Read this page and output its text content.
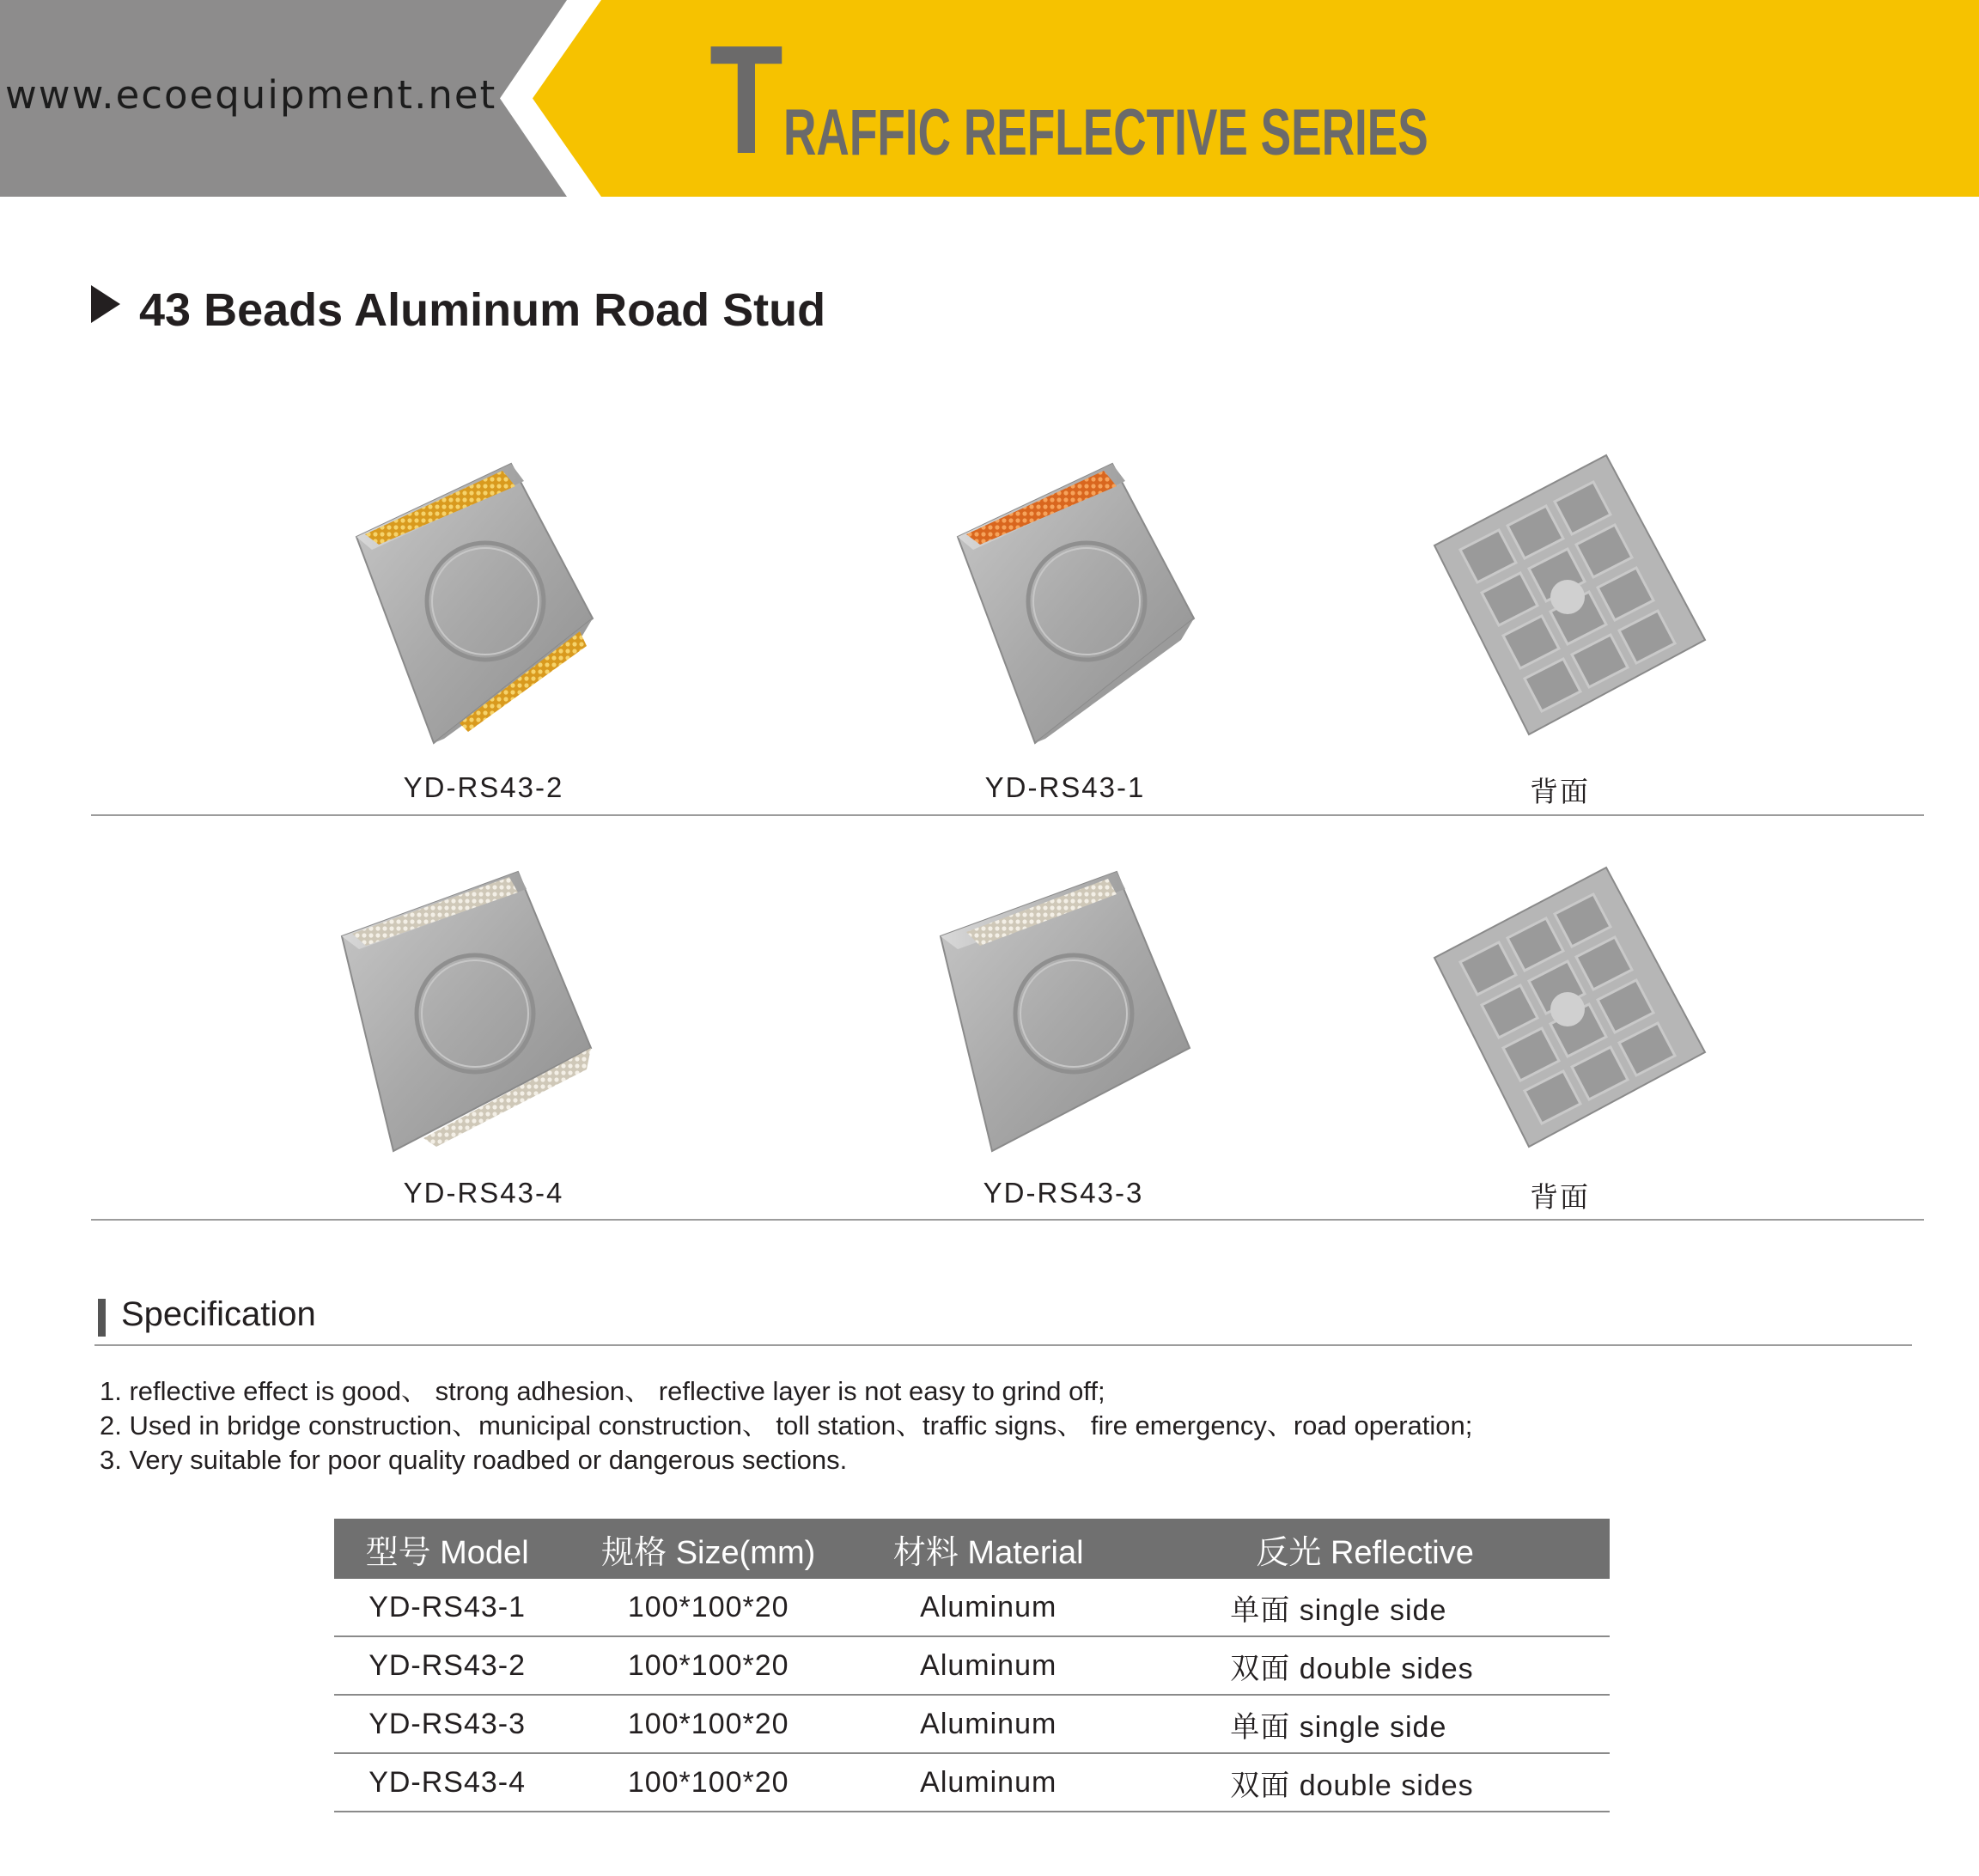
www.ecoequipment.net T RAFFIC REFLECTIVE SERIES
43 Beads Aluminum Road Stud
YD-RS43-2	YD-RS43-1	背面
YD-RS43-4	YD-RS43-3	背面
Specification
1. reflective effect is good、 strong adhesion、 reflective layer is not easy to grind off;
2. Used in bridge construction、municipal construction、 toll station、traffic signs、 fire emergency、road operation;
3. Very suitable for poor quality roadbed or dangerous sections.
型号 Model	规格 Size(mm)	材料 Material	反光 Reflective
YD-RS43-1	100*100*20	Aluminum	单面 single side
YD-RS43-2	100*100*20	Aluminum	双面 double sides
YD-RS43-3	100*100*20	Aluminum	单面 single side
YD-RS43-4	100*100*20	Aluminum	双面 double sides
